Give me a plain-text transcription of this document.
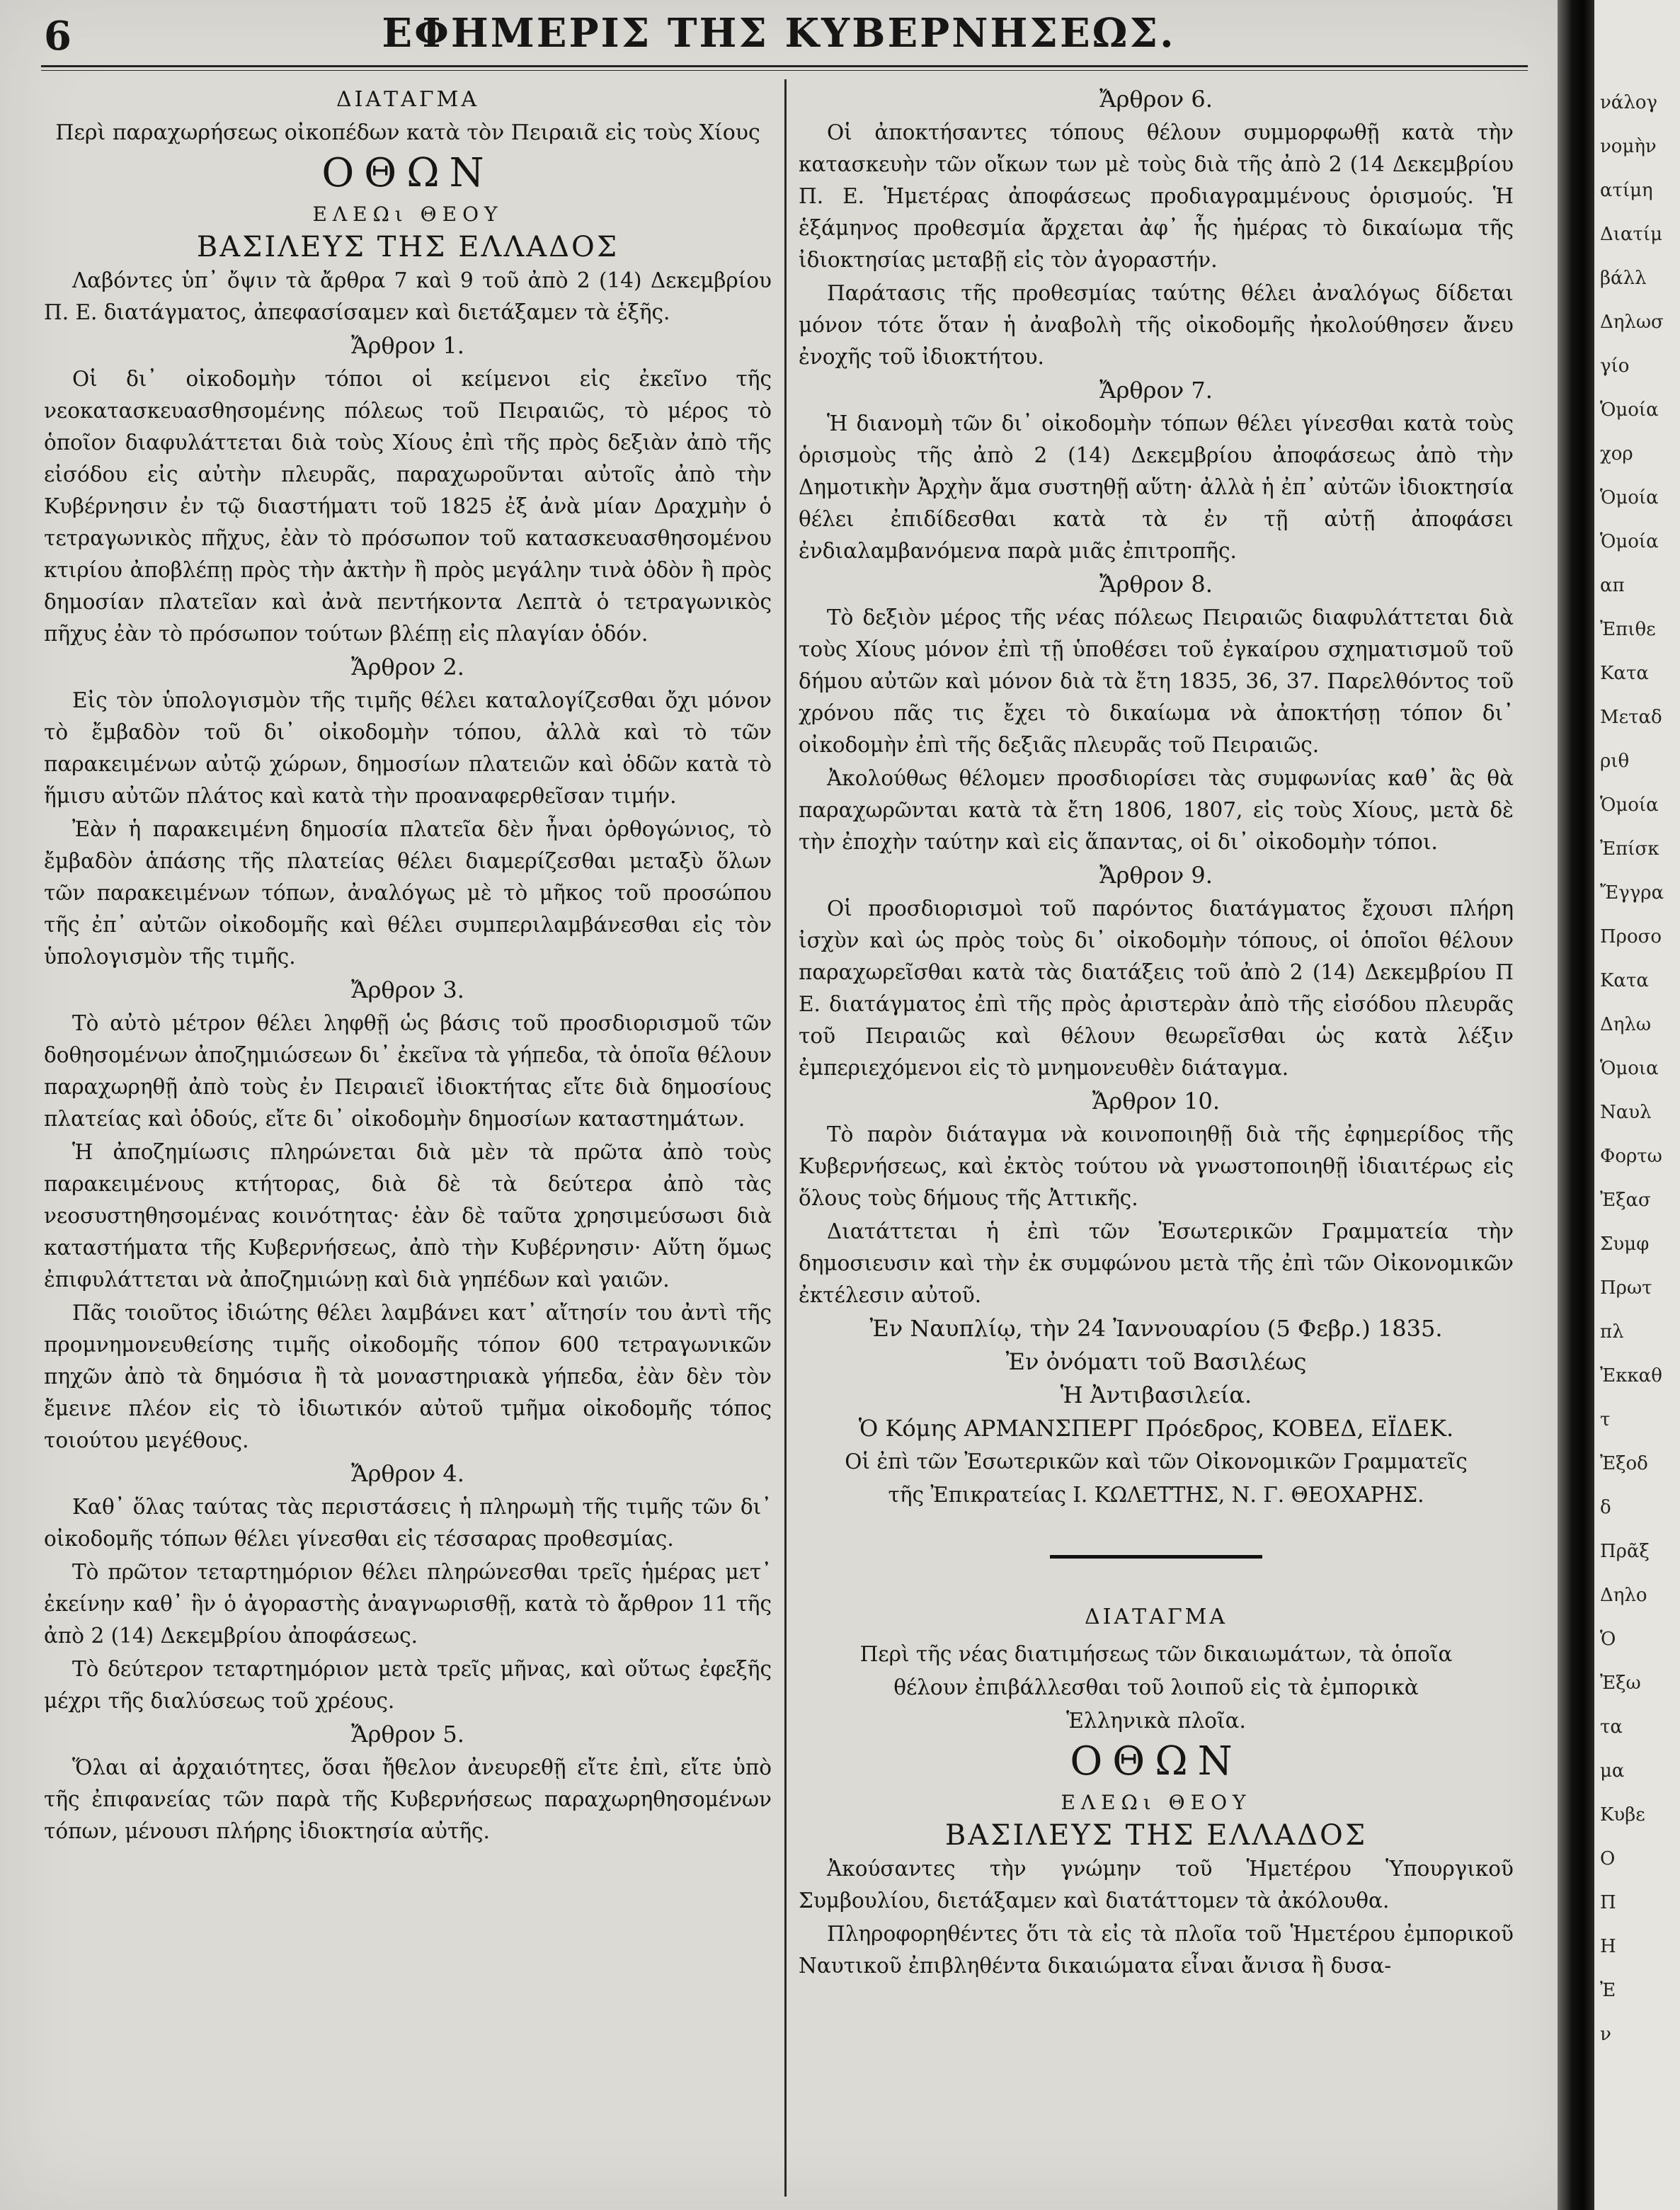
6	ΕΦΗΜΕΡΙΣ ΤΗΣ ΚΥΒΕΡΝΗΣΕΩΣ.

ΔΙΑΤΑΓΜΑ

Περὶ παραχωρήσεως οἰκοπέδων κατὰ τὸν Πειραιᾶ εἰς τοὺς Χίους

ΟΘΩΝ

ΕΛΕΩι ΘΕΟΥ

ΒΑΣΙΛΕΥΣ ΤΗΣ ΕΛΛΑΔΟΣ

Λαβόντες ὑπ᾽ ὄψιν τὰ ἄρθρα 7 καὶ 9 τοῦ ἀπὸ 2 (14) Δεκεμβρίου Π. Ε. διατάγματος, ἀπεφασίσαμεν καὶ διετάξαμεν τὰ ἑξῆς.

Ἄρθρον 1.

Οἱ δι᾽ οἰκοδομὴν τόποι οἱ κείμενοι εἰς ἐκεῖνο τῆς νεοκατασκευασθησομένης πόλεως τοῦ Πειραιῶς, τὸ μέρος τὸ ὁποῖον διαφυλάττεται διὰ τοὺς Χίους ἐπὶ τῆς πρὸς δεξιὰν ἀπὸ τῆς εἰσόδου εἰς αὐτὴν πλευρᾶς, παραχωροῦνται αὐτοῖς ἀπὸ τὴν Κυβέρνησιν ἐν τῷ διαστήματι τοῦ 1825 ἐξ ἀνὰ μίαν Δραχμὴν ὁ τετραγωνικὸς πῆχυς, ἐὰν τὸ πρόσωπον τοῦ κατασκευασθησομένου κτιρίου ἀποβλέπῃ πρὸς τὴν ἀκτὴν ἢ πρὸς μεγάλην τινὰ ὁδὸν ἢ πρὸς δημοσίαν πλατεῖαν καὶ ἀνὰ πεντήκοντα Λεπτὰ ὁ τετραγωνικὸς πῆχυς ἐὰν τὸ πρόσωπον τούτων βλέπῃ εἰς πλαγίαν ὁδόν.

Ἄρθρον 2.

Εἰς τὸν ὑπολογισμὸν τῆς τιμῆς θέλει καταλογίζεσθαι ὄχι μόνον τὸ ἔμβαδὸν τοῦ δι᾽ οἰκοδομὴν τόπου, ἀλλὰ καὶ τὸ τῶν παρακειμένων αὐτῷ χώρων, δημοσίων πλατειῶν καὶ ὁδῶν κατὰ τὸ ἥμισυ αὐτῶν πλάτος καὶ κατὰ τὴν προαναφερθεῖσαν τιμήν.

Ἐὰν ἡ παρακειμένη δημοσία πλατεῖα δὲν ἦναι ὀρθογώνιος, τὸ ἔμβαδὸν ἁπάσης τῆς πλατείας θέλει διαμερίζεσθαι μεταξὺ ὅλων τῶν παρακειμένων τόπων, ἀναλόγως μὲ τὸ μῆκος τοῦ προσώπου τῆς ἐπ᾽ αὐτῶν οἰκοδομῆς καὶ θέλει συμπεριλαμβάνεσθαι εἰς τὸν ὑπολογισμὸν τῆς τιμῆς.

Ἄρθρον 3.

Τὸ αὐτὸ μέτρον θέλει ληφθῇ ὡς βάσις τοῦ προσδιορισμοῦ τῶν δοθησομένων ἀποζημιώσεων δι᾽ ἐκεῖνα τὰ γήπεδα, τὰ ὁποῖα θέλουν παραχωρηθῇ ἀπὸ τοὺς ἐν Πειραιεῖ ἰδιοκτήτας εἴτε διὰ δημοσίους πλατείας καὶ ὁδούς, εἴτε δι᾽ οἰκοδομὴν δημοσίων καταστημάτων.

Ἡ ἀποζημίωσις πληρώνεται διὰ μὲν τὰ πρῶτα ἀπὸ τοὺς παρακειμένους κτήτορας, διὰ δὲ τὰ δεύτερα ἀπὸ τὰς νεοσυστηθησομένας κοινότητας· ἐὰν δὲ ταῦτα χρησιμεύσωσι διὰ καταστήματα τῆς Κυβερνήσεως, ἀπὸ τὴν Κυβέρνησιν· Αὕτη ὅμως ἐπιφυλάττεται νὰ ἀποζημιώνῃ καὶ διὰ γηπέδων καὶ γαιῶν.

Πᾶς τοιοῦτος ἰδιώτης θέλει λαμβάνει κατ᾽ αἴτησίν του ἀντὶ τῆς προμνημονευθείσης τιμῆς οἰκοδομῆς τόπον 600 τετραγωνικῶν πηχῶν ἀπὸ τὰ δημόσια ἢ τὰ μοναστηριακὰ γήπεδα, ἐὰν δὲν τὸν ἔμεινε πλέον εἰς τὸ ἰδιωτικόν αὐτοῦ τμῆμα οἰκοδομῆς τόπος τοιούτου μεγέθους.

Ἄρθρον 4.

Καθ᾽ ὅλας ταύτας τὰς περιστάσεις ἡ πληρωμὴ τῆς τιμῆς τῶν δι᾽ οἰκοδομῆς τόπων θέλει γίνεσθαι εἰς τέσσαρας προθεσμίας.

Τὸ πρῶτον τεταρτημόριον θέλει πληρώνεσθαι τρεῖς ἡμέρας μετ᾽ ἐκείνην καθ᾽ ἣν ὁ ἀγοραστὴς ἀναγνωρισθῇ, κατὰ τὸ ἄρθρον 11 τῆς ἀπὸ 2 (14) Δεκεμβρίου ἀποφάσεως.

Τὸ δεύτερον τεταρτημόριον μετὰ τρεῖς μῆνας, καὶ οὕτως ἐφεξῆς μέχρι τῆς διαλύσεως τοῦ χρέους.

Ἄρθρον 5.

Ὅλαι αἱ ἀρχαιότητες, ὅσαι ἤθελον ἀνευρεθῇ εἴτε ἐπὶ, εἴτε ὑπὸ τῆς ἐπιφανείας τῶν παρὰ τῆς Κυβερνήσεως παραχωρηθησομένων τόπων, μένουσι πλήρης ἰδιοκτησία αὐτῆς.

Ἄρθρον 6.

Οἱ ἀποκτήσαντες τόπους θέλουν συμμορφωθῇ κατὰ τὴν κατασκευὴν τῶν οἴκων των μὲ τοὺς διὰ τῆς ἀπὸ 2 (14 Δεκεμβρίου Π. Ε. Ἡμετέρας ἀποφάσεως προδιαγραμμένους ὁρισμούς. Ἡ ἑξάμηνος προθεσμία ἄρχεται ἀφ᾽ ἧς ἡμέρας τὸ δικαίωμα τῆς ἰδιοκτησίας μεταβῇ εἰς τὸν ἀγοραστήν.

Παράτασις τῆς προθεσμίας ταύτης θέλει ἀναλόγως δίδεται μόνον τότε ὅταν ἡ ἀναβολὴ τῆς οἰκοδομῆς ἠκολούθησεν ἄνευ ἐνοχῆς τοῦ ἰδιοκτήτου.

Ἄρθρον 7.

Ἡ διανομὴ τῶν δι᾽ οἰκοδομὴν τόπων θέλει γίνεσθαι κατὰ τοὺς ὁρισμοὺς τῆς ἀπὸ 2 (14) Δεκεμβρίου ἀποφάσεως ἀπὸ τὴν Δημοτικὴν Ἀρχὴν ἅμα συστηθῇ αὕτη· ἀλλὰ ἡ ἐπ᾽ αὐτῶν ἰδιοκτησία θέλει ἐπιδίδεσθαι κατὰ τὰ ἐν τῇ αὐτῇ ἀποφάσει ἐνδιαλαμβανόμενα παρὰ μιᾶς ἐπιτροπῆς.

Ἄρθρον 8.

Τὸ δεξιὸν μέρος τῆς νέας πόλεως Πειραιῶς διαφυλάττεται διὰ τοὺς Χίους μόνον ἐπὶ τῇ ὑποθέσει τοῦ ἐγκαίρου σχηματισμοῦ τοῦ δήμου αὐτῶν καὶ μόνον διὰ τὰ ἔτη 1835, 36, 37. Παρελθόντος τοῦ χρόνου πᾶς τις ἔχει τὸ δικαίωμα νὰ ἀποκτήσῃ τόπον δι᾽ οἰκοδομὴν ἐπὶ τῆς δεξιᾶς πλευρᾶς τοῦ Πειραιῶς.

Ἀκολούθως θέλομεν προσδιορίσει τὰς συμφωνίας καθ᾽ ἃς θὰ παραχωρῶνται κατὰ τὰ ἔτη 1806, 1807, εἰς τοὺς Χίους, μετὰ δὲ τὴν ἐποχὴν ταύτην καὶ εἰς ἅπαντας, οἱ δι᾽ οἰκοδομὴν τόποι.

Ἄρθρον 9.

Οἱ προσδιορισμοὶ τοῦ παρόντος διατάγματος ἔχουσι πλήρη ἰσχὺν καὶ ὡς πρὸς τοὺς δι᾽ οἰκοδομὴν τόπους, οἱ ὁποῖοι θέλουν παραχωρεῖσθαι κατὰ τὰς διατάξεις τοῦ ἀπὸ 2 (14) Δεκεμβρίου Π Ε. διατάγματος ἐπὶ τῆς πρὸς ἀριστερὰν ἀπὸ τῆς εἰσόδου πλευρᾶς τοῦ Πειραιῶς καὶ θέλουν θεωρεῖσθαι ὡς κατὰ λέξιν ἐμπεριεχόμενοι εἰς τὸ μνημονευθὲν διάταγμα.

Ἄρθρον 10.

Τὸ παρὸν διάταγμα νὰ κοινοποιηθῇ διὰ τῆς ἐφημερίδος τῆς Κυβερνήσεως, καὶ ἐκτὸς τούτου νὰ γνωστοποιηθῇ ἰδιαιτέρως εἰς ὅλους τοὺς δήμους τῆς Ἀττικῆς.

Διατάττεται ἡ ἐπὶ τῶν Ἐσωτερικῶν Γραμματεία τὴν δημοσιευσιν καὶ τὴν ἐκ συμφώνου μετὰ τῆς ἐπὶ τῶν Οἰκονομικῶν ἐκτέλεσιν αὐτοῦ.

Ἐν Ναυπλίῳ, τὴν 24 Ἰαννουαρίου (5 Φεβρ.) 1835.

Ἐν ὀνόματι τοῦ Βασιλέως

Ἡ Ἀντιβασιλεία.

Ὁ Κόμης ΑΡΜΑΝΣΠΕΡΓ Πρόεδρος, ΚΟΒΕΔ, ΕΪΔΕΚ.

Οἱ ἐπὶ τῶν Ἐσωτερικῶν καὶ τῶν Οἰκονομικῶν Γραμματεῖς

τῆς Ἐπικρατείας Ι. ΚΩΛΕΤΤΗΣ, Ν. Γ. ΘΕΟΧΑΡΗΣ.

ΔΙΑΤΑΓΜΑ

Περὶ τῆς νέας διατιμήσεως τῶν δικαιωμάτων, τὰ ὁποῖα

θέλουν ἐπιβάλλεσθαι τοῦ λοιποῦ εἰς τὰ ἐμπορικὰ

Ἑλληνικὰ πλοῖα.

ΟΘΩΝ

ΕΛΕΩι ΘΕΟΥ

ΒΑΣΙΛΕΥΣ ΤΗΣ ΕΛΛΑΔΟΣ

Ἀκούσαντες τὴν γνώμην τοῦ Ἡμετέρου Ὑπουργικοῦ Συμβουλίου, διετάξαμεν καὶ διατάττομεν τὰ ἀκόλουθα.

Πληροφορηθέντες ὅτι τὰ εἰς τὰ πλοῖα τοῦ Ἡμετέρου ἐμπορικοῦ Ναυτικοῦ ἐπιβληθέντα δικαιώματα εἶναι ἄνισα ἢ δυσα-

νάλογ
νομὴν
ατίμη
Διατίμ
βάλλ
Δηλωσ
γίο
Ὁμοία
χορ
Ὁμοία
Ὁμοία
απ
Ἐπιθε
Κατα
Μεταδ
ριθ
Ὁμοία
Ἐπίσκ
Ἔγγρα
Προσο
Κατα
Δηλω
Ὁμοια
Ναυλ
Φορτω
Ἐξασ
Συμφ
Πρωτ
πλ
Ἐκκαθ
τ
Ἐξοδ
δ
Πρᾶξ
Δηλο
Ὁ
Ἐξω
τα
μα
Κυβε
Ο
Π
Η
Ἐ
ν
